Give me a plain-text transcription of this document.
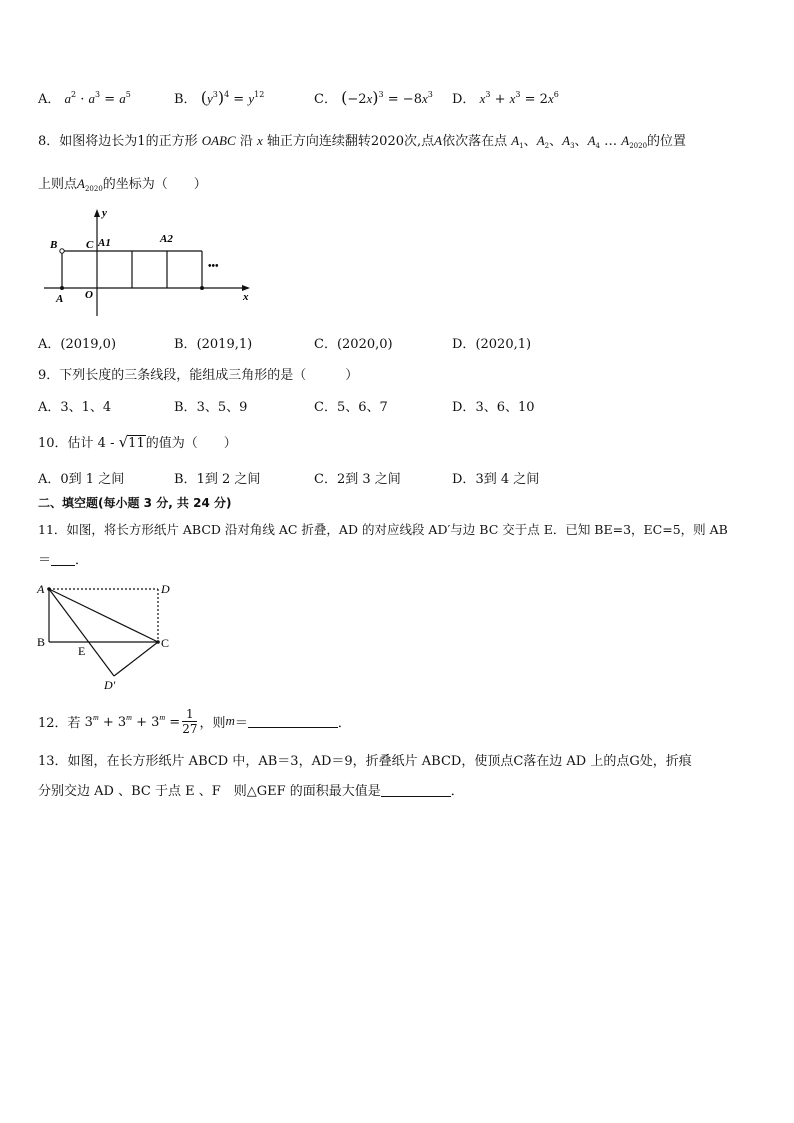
A． $a^2 \cdot a^3 = a^5$	B． $(y^3)^4 = y^{12}$	C． $(-2x)^3 = -8x^3$ D． $x^3 + x^3 = 2x^6$
8．如图将边长为1的正方形 OABC 沿 x 轴正方向连续翻转2020次,点A依次落在点 $A_1$、$A_2$、$A_3$、$A_4$ … $A_{2020}$的位置
上则点$A_{2020}$的坐标为（　　）
y
x
B	C A1	A2
•••
A O
A．(2019,0)	B．(2019,1)	C．(2020,0)	D．(2020,1)
9．下列长度的三条线段，能组成三角形的是（　　　）
A．3、1、4	B．3、5、9	C．5、6、7	D．3、6、10
10．估计 4 - √11的值为（　　）
A．0到 1 之间	B．1到 2 之间	C．2到 3 之间	D．3到 4 之间
二、填空题(每小题 3 分, 共 24 分)
11．如图，将长方形纸片 ABCD 沿对角线 AC 折叠，AD 的对应线段 AD′与边 BC 交于点 E．已知 BE=3，EC=5，则 AB
＝ ．
A	D
B	C
E
D′
12．若 $3^m + 3^m + 3^m = \frac{1}{27}$ ，则 m ＝	．
13．如图，在长方形纸片 ABCD 中，AB＝3，AD＝9，折叠纸片 ABCD，使顶点C落在边 AD 上的点G处，折痕
分别交边 AD 、BC 于点 E 、F　则△GEF 的面积最大值是	．
